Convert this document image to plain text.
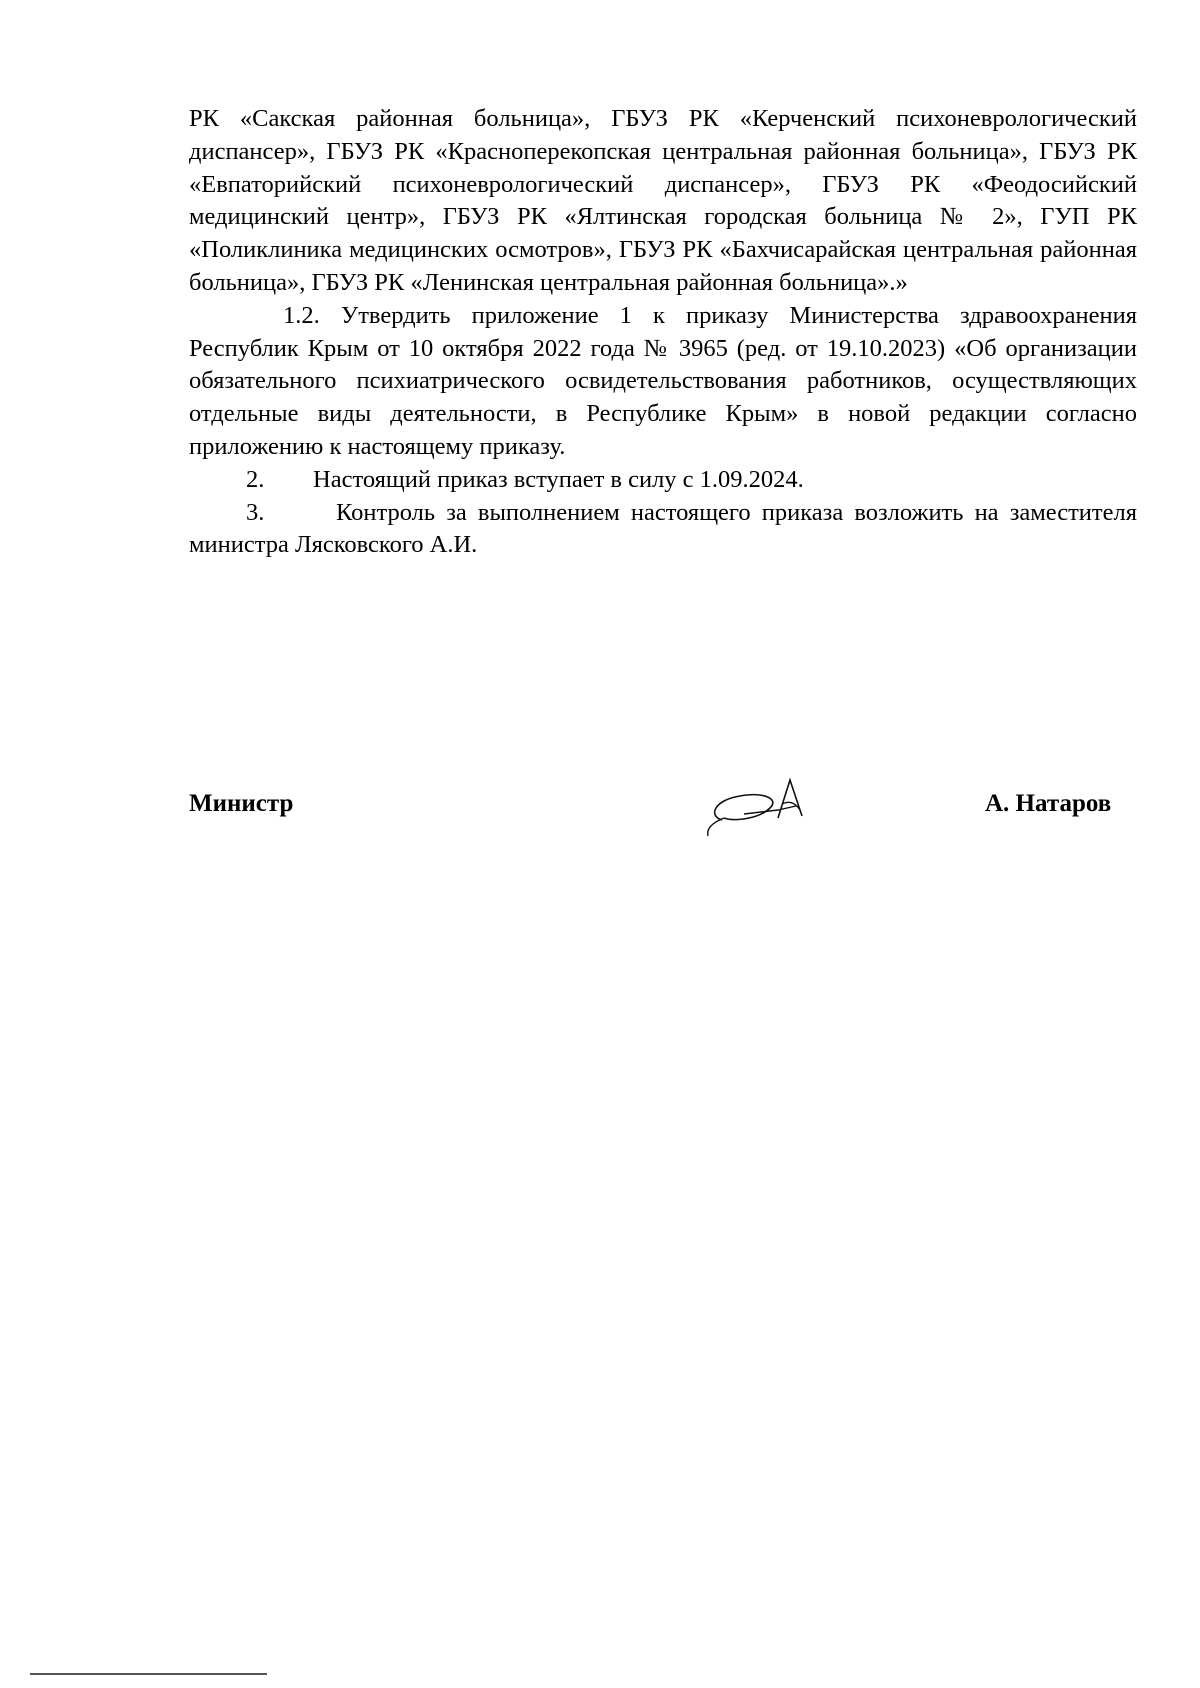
РК «Сакская районная больница», ГБУЗ РК «Керченский психоневрологический диспансер», ГБУЗ РК «Красноперекопская центральная районная больница», ГБУЗ РК «Евпаторийский психоневрологический диспансер», ГБУЗ РК «Феодосийский медицинский центр», ГБУЗ РК «Ялтинская городская больница № 2», ГУП РК «Поликлиника медицинских осмотров», ГБУЗ РК «Бахчисарайская центральная районная больница», ГБУЗ РК «Ленинская центральная районная больница».»

1.2. Утвердить приложение 1 к приказу Министерства здравоохранения Республик Крым от 10 октября 2022 года № 3965 (ред. от 19.10.2023) «Об организации обязательного психиатрического освидетельствования работников, осуществляющих отдельные виды деятельности, в Республике Крым» в новой редакции согласно приложению к настоящему приказу.

2.	Настоящий приказ вступает в силу с 1.09.2024.

3.	Контроль за выполнением настоящего приказа возложить на заместителя министра Лясковского А.И.

Министр	А. Натаров
